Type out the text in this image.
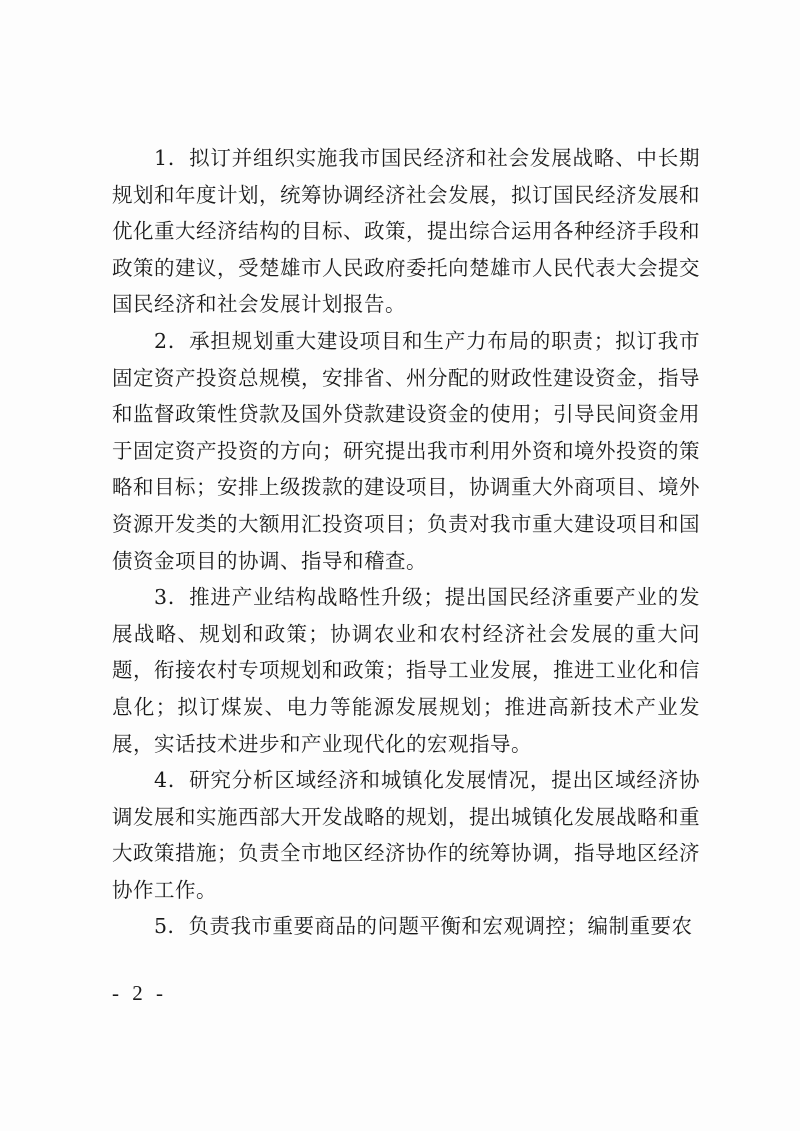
1．拟订并组织实施我市国民经济和社会发展战略、中长期规划和年度计划，统筹协调经济社会发展，拟订国民经济发展和优化重大经济结构的目标、政策，提出综合运用各种经济手段和政策的建议，受楚雄市人民政府委托向楚雄市人民代表大会提交国民经济和社会发展计划报告。

2．承担规划重大建设项目和生产力布局的职责；拟订我市固定资产投资总规模，安排省、州分配的财政性建设资金，指导和监督政策性贷款及国外贷款建设资金的使用；引导民间资金用于固定资产投资的方向；研究提出我市利用外资和境外投资的策略和目标；安排上级拨款的建设项目，协调重大外商项目、境外资源开发类的大额用汇投资项目；负责对我市重大建设项目和国债资金项目的协调、指导和稽查。

3．推进产业结构战略性升级；提出国民经济重要产业的发展战略、规划和政策；协调农业和农村经济社会发展的重大问题，衔接农村专项规划和政策；指导工业发展，推进工业化和信息化；拟订煤炭、电力等能源发展规划；推进高新技术产业发展，实话技术进步和产业现代化的宏观指导。

4．研究分析区域经济和城镇化发展情况，提出区域经济协调发展和实施西部大开发战略的规划，提出城镇化发展战略和重大政策措施；负责全市地区经济协作的统筹协调，指导地区经济协作工作。

5．负责我市重要商品的问题平衡和宏观调控；编制重要农

- 2 -
